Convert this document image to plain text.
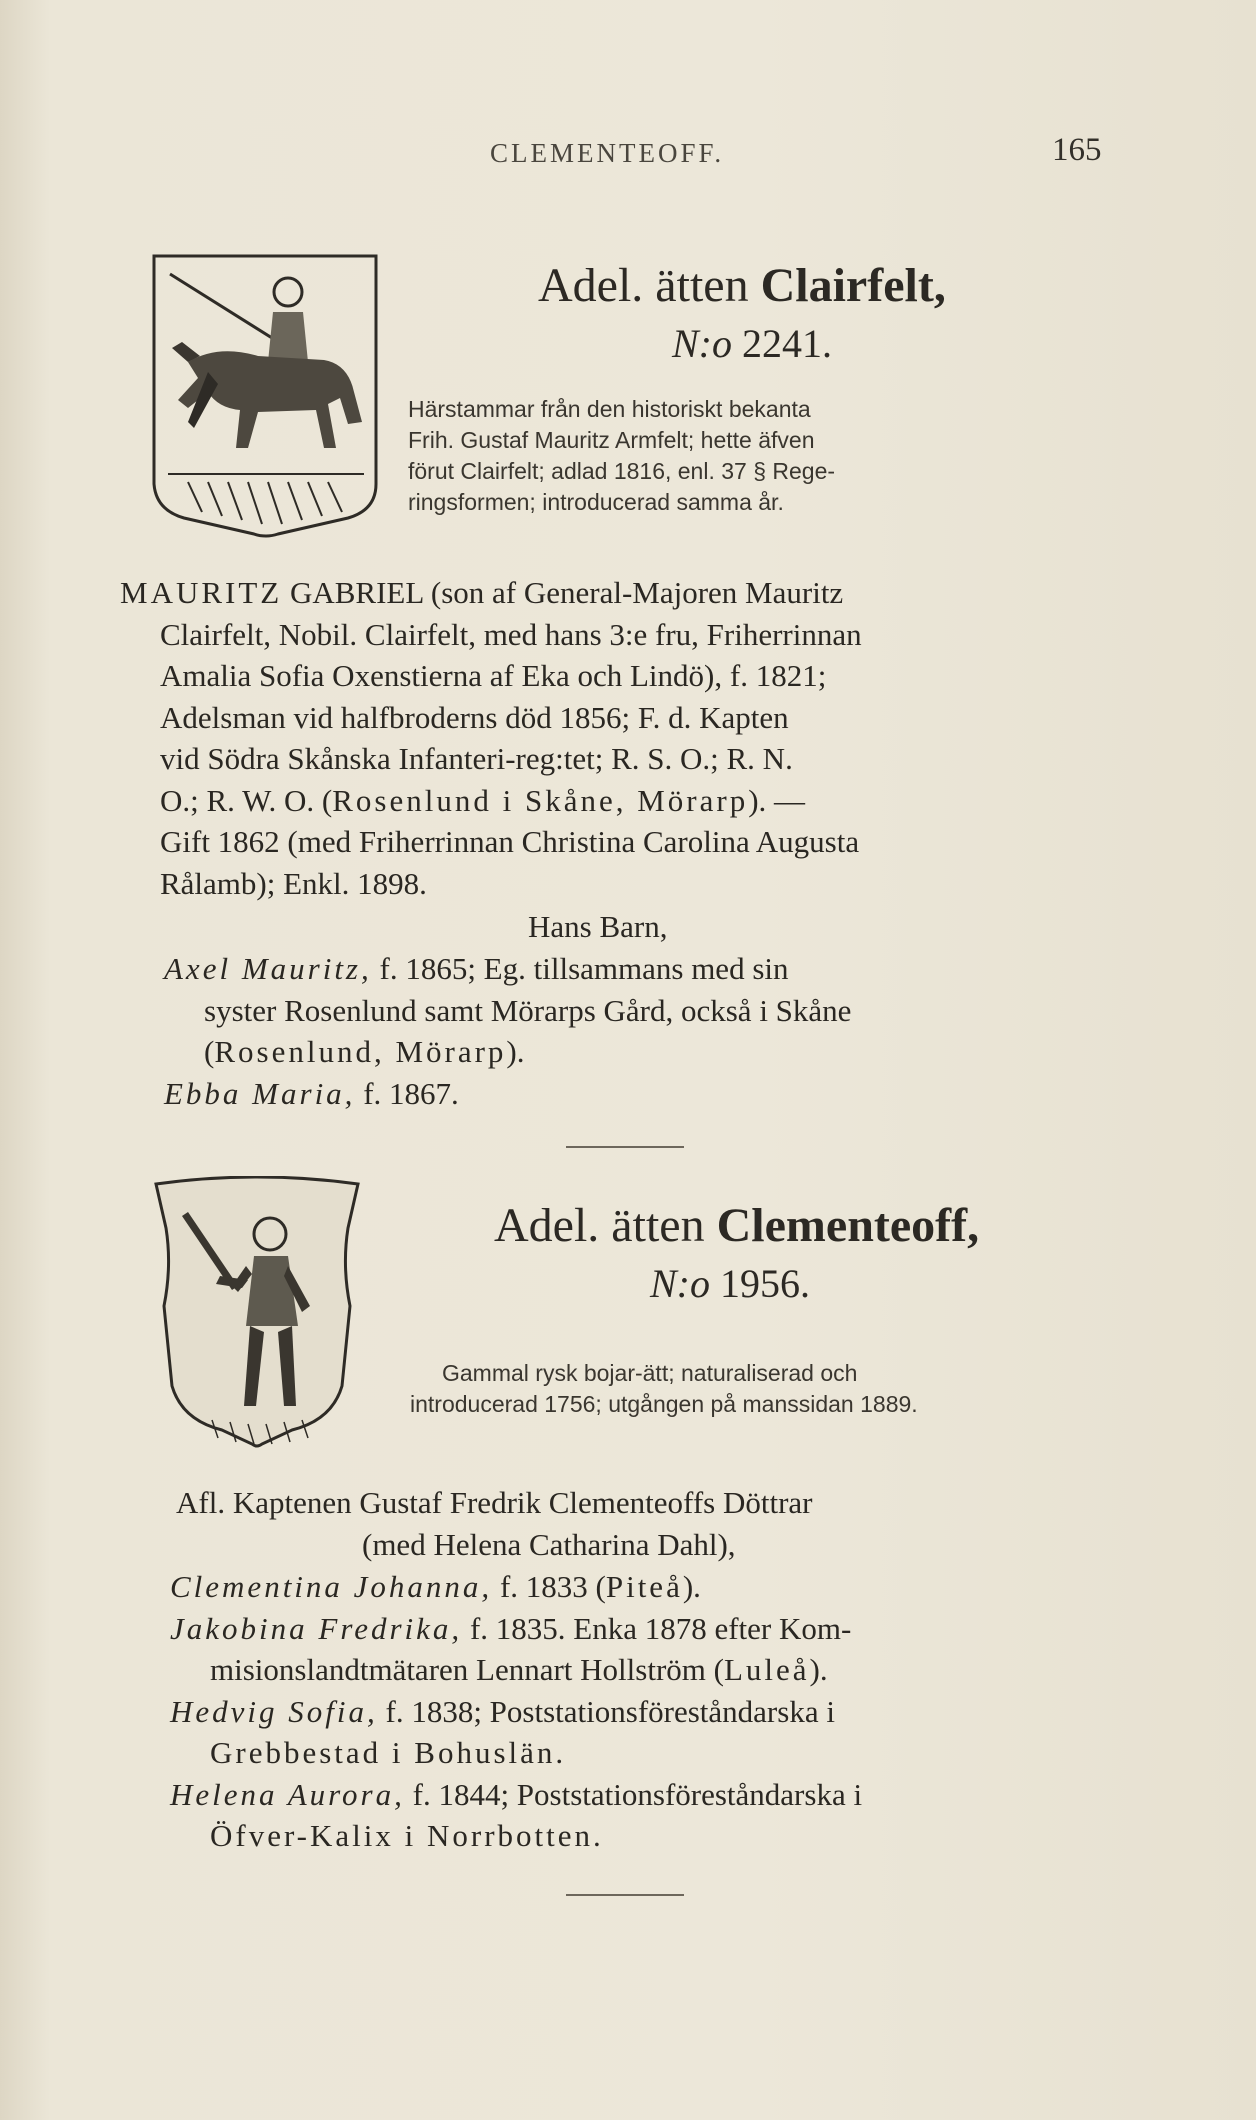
CLEMENTEOFF.	165
Adel. ätten Clairfelt,
N:o 2241.
Härstammar från den historiskt bekanta
Frih. Gustaf Mauritz Armfelt; hette äfven
förut Clairfelt; adlad 1816, enl. 37 § Rege-
ringsformen; introducerad samma år.
MAURITZ GABRIEL (son af General-Majoren Mauritz
Clairfelt, Nobil. Clairfelt, med hans 3:e fru, Friherrinnan
Amalia Sofia Oxenstierna af Eka och Lindö), f. 1821;
Adelsman vid halfbroderns död 1856; F. d. Kapten
vid Södra Skånska Infanteri-reg:tet; R. S. O.; R. N.
O.; R. W. O. (Rosenlund i Skåne, Mörarp). —
Gift 1862 (med Friherrinnan Christina Carolina Augusta
Rålamb); Enkl. 1898.
Hans Barn,
Axel Mauritz, f. 1865; Eg. tillsammans med sin
syster Rosenlund samt Mörarps Gård, också i Skåne
(Rosenlund, Mörarp).
Ebba Maria, f. 1867.
Adel. ätten Clementeoff,
N:o 1956.
Gammal rysk bojar-ätt; naturaliserad och
introducerad 1756; utgången på manssidan 1889.
Afl. Kaptenen Gustaf Fredrik Clementeoffs Döttrar
(med Helena Catharina Dahl),
Clementina Johanna, f. 1833 (Piteå).
Jakobina Fredrika, f. 1835. Enka 1878 efter Kom-
misionslandtmätaren Lennart Hollström (Luleå).
Hedvig Sofia, f. 1838; Poststationsföreståndarska i
Grebbestad i Bohuslän.
Helena Aurora, f. 1844; Poststationsföreståndarska i
Öfver-Kalix i Norrbotten.
